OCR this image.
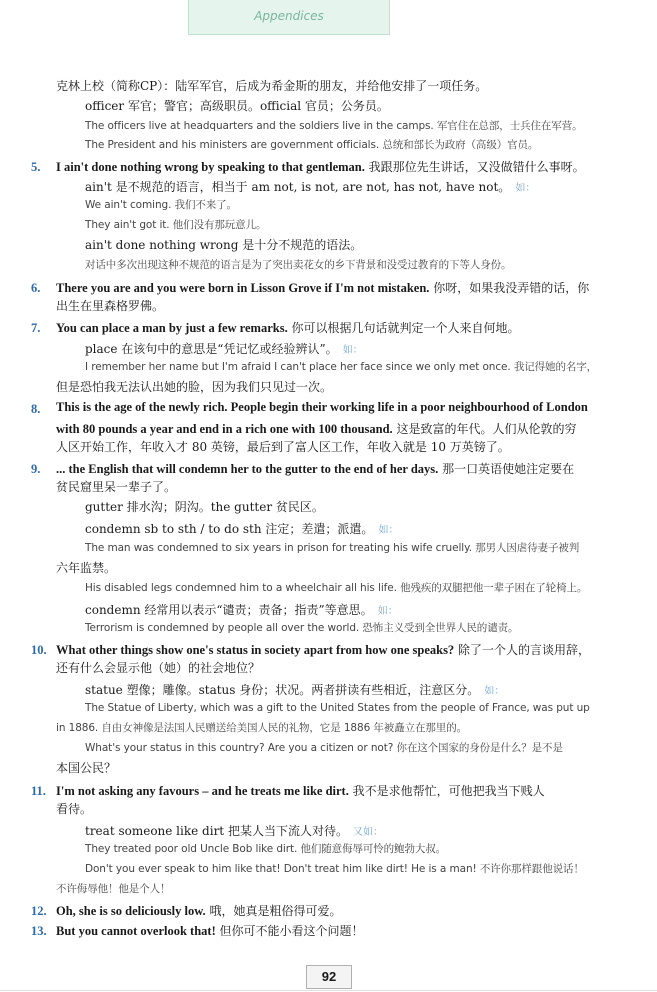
Appendices
克林上校（简称CP）：陆军军官，后成为希金斯的朋友，并给他安排了一项任务。
officer 军官；警官；高级职员。official 官员；公务员。
The officers live at headquarters and the soldiers live in the camps. 军官住在总部，士兵住在军营。
The President and his ministers are government officials. 总统和部长为政府（高级）官员。
5. I ain't done nothing wrong by speaking to that gentleman. 我跟那位先生讲话，又没做错什么事呀。
ain't 是不规范的语言，相当于 am not, is not, are not, has not, have not。 如：
We ain't coming. 我们不来了。
They ain't got it. 他们没有那玩意儿。
ain't done nothing wrong 是十分不规范的语法。
对话中多次出现这种不规范的语言是为了突出卖花女的乡下背景和没受过教育的下等人身份。
6. There you are and you were born in Lisson Grove if I'm not mistaken. 你呀，如果我没弄错的话，你
出生在里森格罗佛。
7. You can place a man by just a few remarks. 你可以根据几句话就判定一个人来自何地。
place 在该句中的意思是“凭记忆或经验辨认”。 如：
I remember her name but I'm afraid I can't place her face since we only met once. 我记得她的名字，
但是恐怕我无法认出她的脸，因为我们只见过一次。
8. This is the age of the newly rich. People begin their working life in a poor neighbourhood of London
with 80 pounds a year and end in a rich one with 100 thousand. 这是致富的年代。人们从伦敦的穷
人区开始工作，年收入才 80 英镑，最后到了富人区工作，年收入就是 10 万英镑了。
9. ... the English that will condemn her to the gutter to the end of her days. 那一口英语使她注定要在
贫民窟里呆一辈子了。
gutter 排水沟；阴沟。the gutter 贫民区。
condemn sb to sth / to do sth 注定；差遣；派遣。 如：
The man was condemned to six years in prison for treating his wife cruelly. 那男人因虐待妻子被判
六年监禁。
His disabled legs condemned him to a wheelchair all his life. 他残疾的双腿把他一辈子困在了轮椅上。
condemn 经常用以表示“谴责；责备；指责”等意思。 如：
Terrorism is condemned by people all over the world. 恐怖主义受到全世界人民的谴责。
10. What other things show one's status in society apart from how one speaks? 除了一个人的言谈用辞，
还有什么会显示他（她）的社会地位？
statue 塑像；雕像。status 身份；状况。两者拼读有些相近，注意区分。 如：
The Statue of Liberty, which was a gift to the United States from the people of France, was put up
in 1886. 自由女神像是法国人民赠送给美国人民的礼物，它是 1886 年被矗立在那里的。
What's your status in this country? Are you a citizen or not? 你在这个国家的身份是什么？是不是
本国公民？
11. I'm not asking any favours – and he treats me like dirt. 我不是求他帮忙，可他把我当下贱人
看待。
treat someone like dirt 把某人当下流人对待。 又如：
They treated poor old Uncle Bob like dirt. 他们随意侮辱可怜的鲍勃大叔。
Don't you ever speak to him like that! Don't treat him like dirt! He is a man! 不许你那样跟他说话！
不许侮辱他！他是个人！
12. Oh, she is so deliciously low. 哦，她真是粗俗得可爱。
13. But you cannot overlook that! 但你可不能小看这个问题！
92
